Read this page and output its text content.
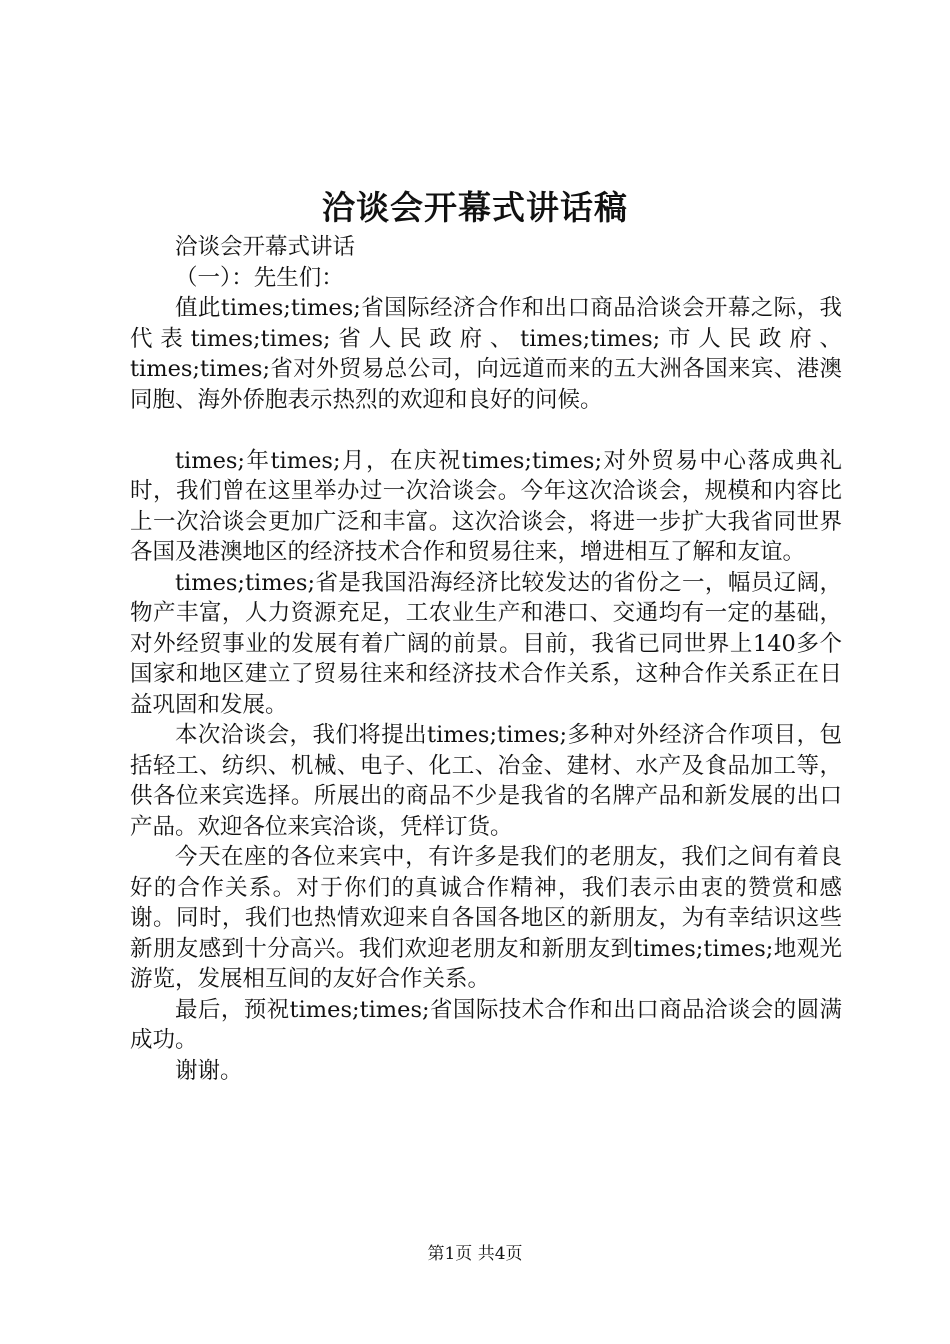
洽谈会开幕式讲话稿

洽谈会开幕式讲话

（一）：先生们：

值此times;times;省国际经济合作和出口商品洽谈会开幕之际，我代表times;times;省人民政府、times;times;市人民政府、times;times;省对外贸易总公司，向远道而来的五大洲各国来宾、港澳同胞、海外侨胞表示热烈的欢迎和良好的问候。

times;年times;月，在庆祝times;times;对外贸易中心落成典礼时，我们曾在这里举办过一次洽谈会。今年这次洽谈会，规模和内容比上一次洽谈会更加广泛和丰富。这次洽谈会，将进一步扩大我省同世界各国及港澳地区的经济技术合作和贸易往来，增进相互了解和友谊。

times;times;省是我国沿海经济比较发达的省份之一，幅员辽阔，物产丰富，人力资源充足，工农业生产和港口、交通均有一定的基础，对外经贸事业的发展有着广阔的前景。目前，我省已同世界上140多个国家和地区建立了贸易往来和经济技术合作关系，这种合作关系正在日益巩固和发展。

本次洽谈会，我们将提出times;times;多种对外经济合作项目，包括轻工、纺织、机械、电子、化工、冶金、建材、水产及食品加工等，供各位来宾选择。所展出的商品不少是我省的名牌产品和新发展的出口产品。欢迎各位来宾洽谈，凭样订货。

今天在座的各位来宾中，有许多是我们的老朋友，我们之间有着良好的合作关系。对于你们的真诚合作精神，我们表示由衷的赞赏和感谢。同时，我们也热情欢迎来自各国各地区的新朋友，为有幸结识这些新朋友感到十分高兴。我们欢迎老朋友和新朋友到times;times;地观光游览，发展相互间的友好合作关系。

最后，预祝times;times;省国际技术合作和出口商品洽谈会的圆满成功。

谢谢。

第1页 共4页
